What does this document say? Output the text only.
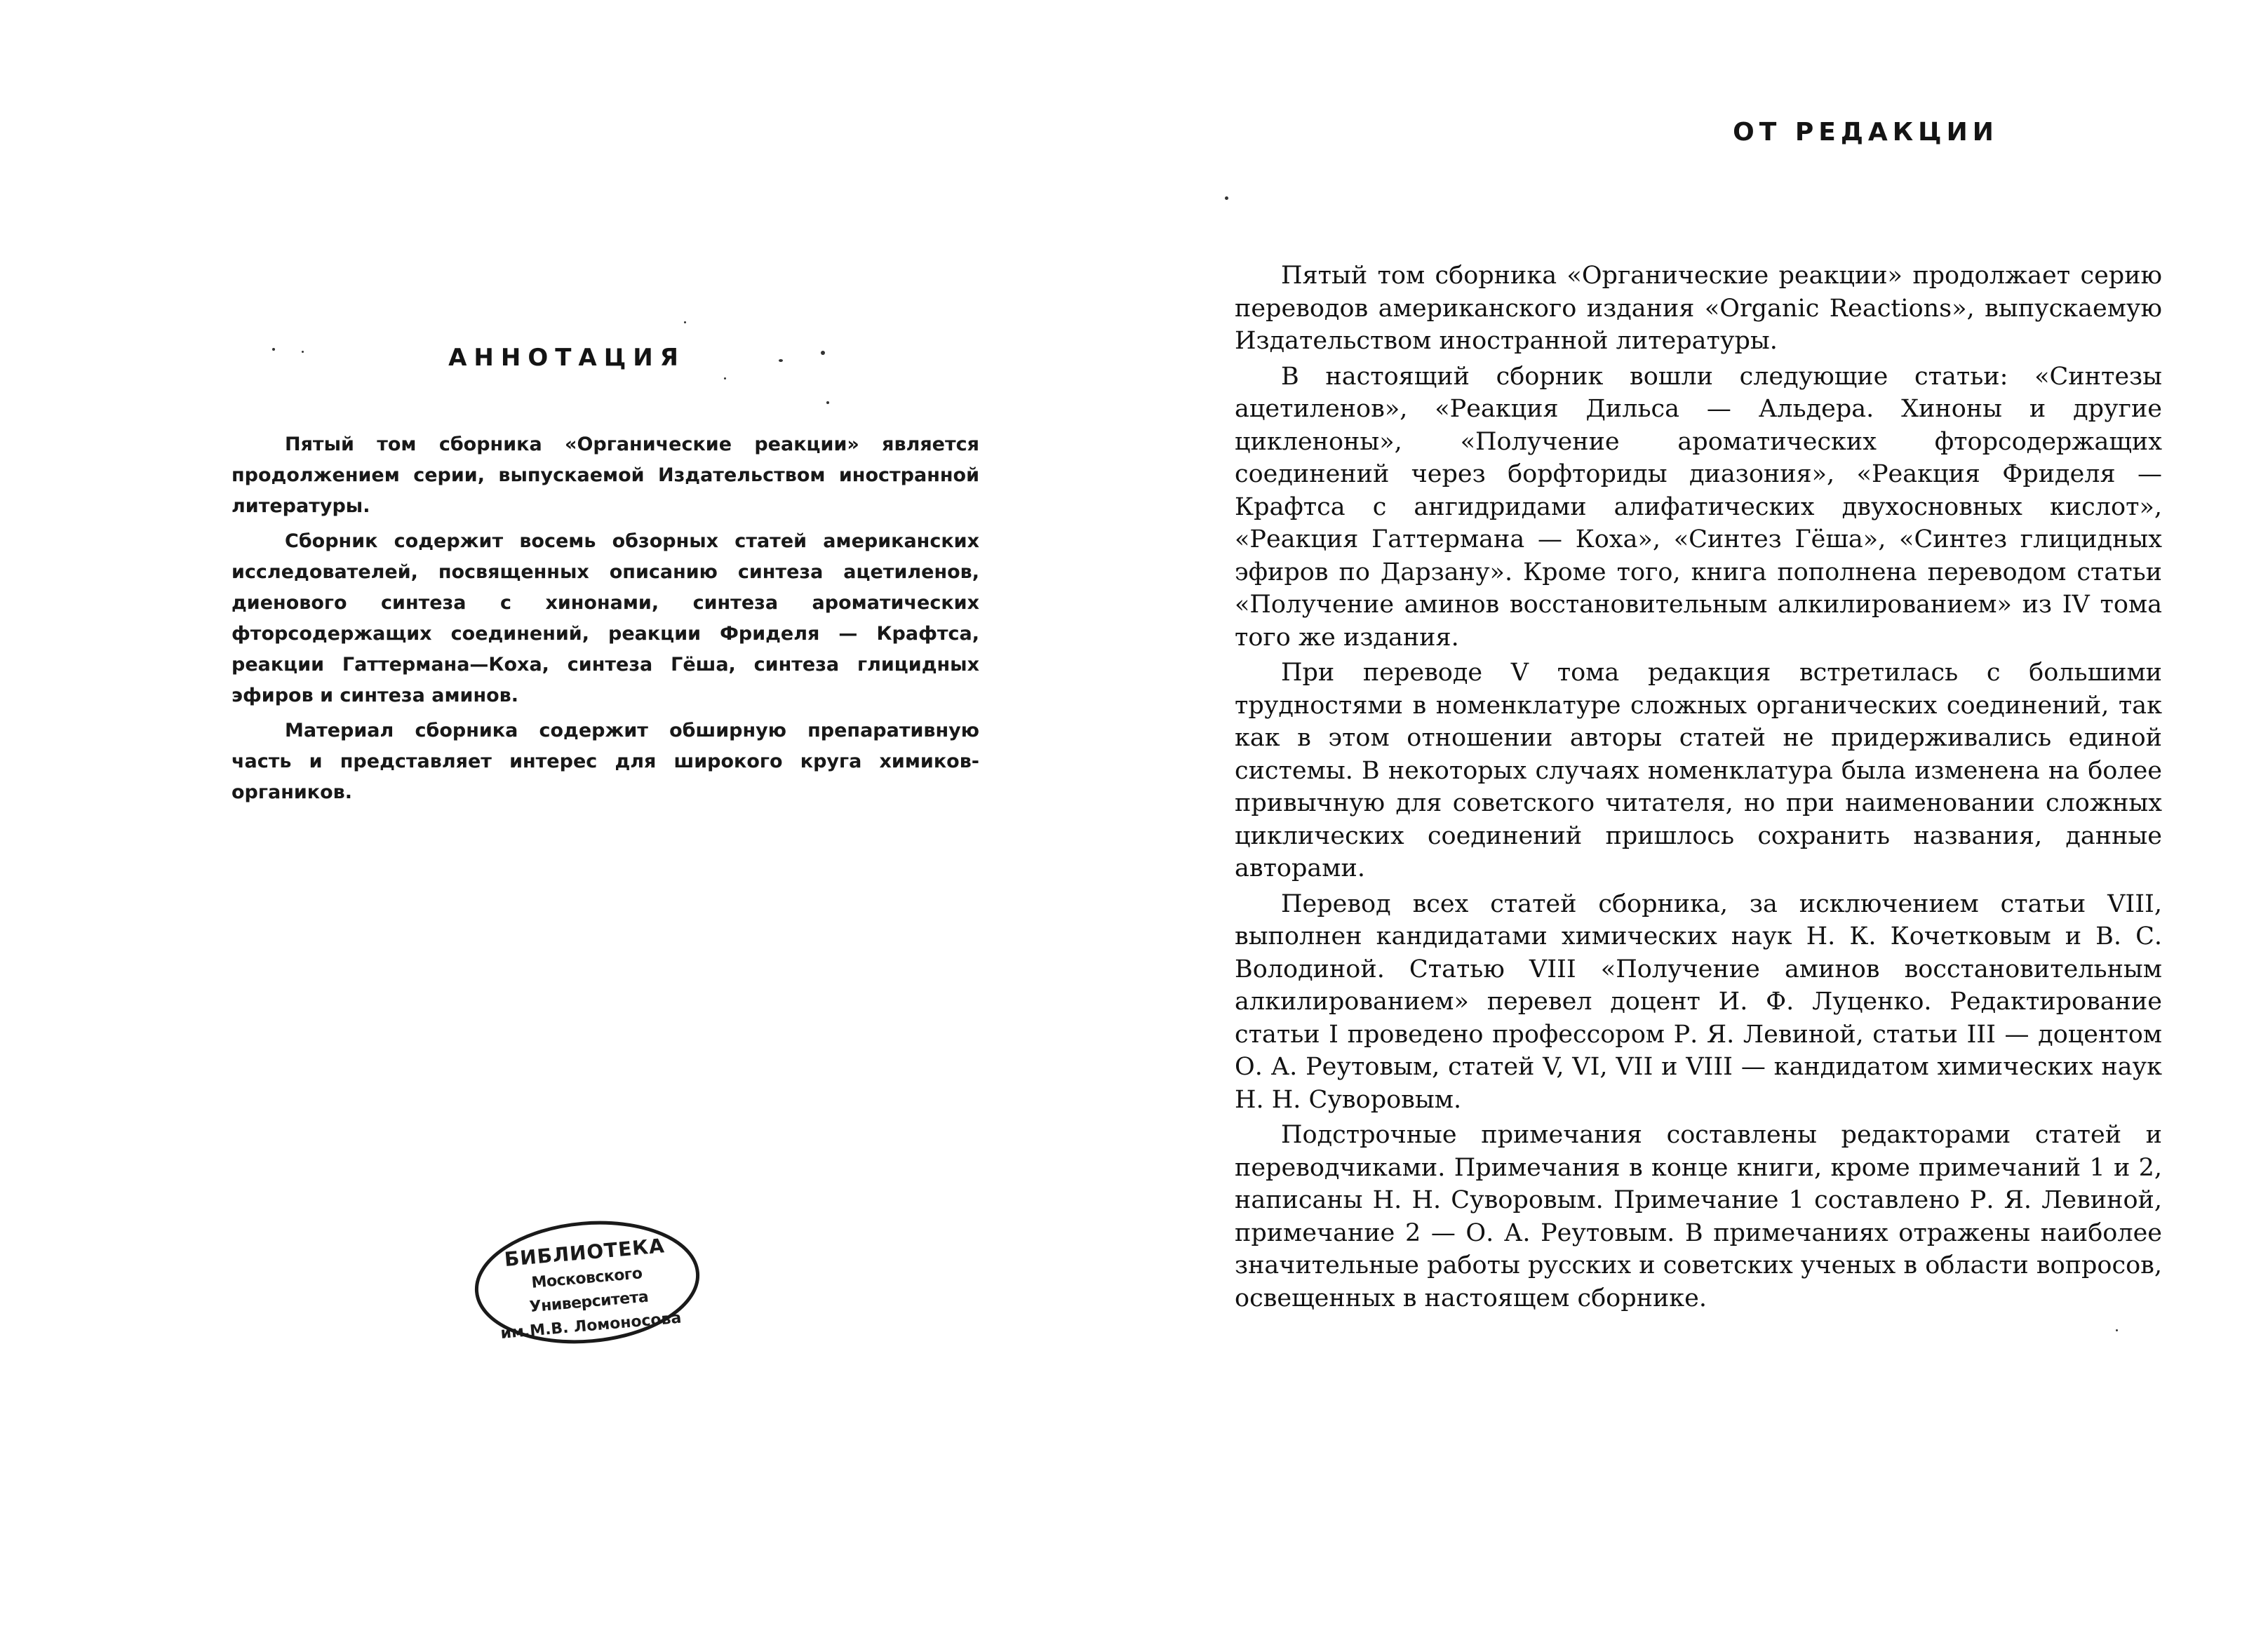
АННОТАЦИЯ

Пятый том сборника «Органические реакции» является продолжением серии, выпускаемой Издательством иностранной литературы.

Сборник содержит восемь обзорных статей американских исследователей, посвященных описанию синтеза ацетиленов, диенового синтеза с хинонами, синтеза ароматических фторсодержащих соединений, реакции Фриделя — Крафтса, реакции Гаттермана—Коха, синтеза Гёша, синтеза глицидных эфиров и синтеза аминов.

Материал сборника содержит обширную препаративную часть и представляет интерес для широкого круга химиков-органиков.

БИБЛИОТЕКА
Московского Университета
им.М.В. Ломоносова
ОТ РЕДАКЦИИ

Пятый том сборника «Органические реакции» продолжает серию переводов американского издания «Organic Reactions», выпускаемую Издательством иностранной литературы.

В настоящий сборник вошли следующие статьи: «Синтезы ацетиленов», «Реакция Дильса — Альдера. Хиноны и другие цикленоны», «Получение ароматических фторсодержащих соединений через борфториды диазония», «Реакция Фриделя — Крафтса с ангидридами алифатических двухосновных кислот», «Реакция Гаттермана — Коха», «Синтез Гёша», «Синтез глицидных эфиров по Дарзану». Кроме того, книга пополнена переводом статьи «Получение аминов восстановительным алкилированием» из IV тома того же издания.

При переводе V тома редакция встретилась с большими трудностями в номенклатуре сложных органических соединений, так как в этом отношении авторы статей не придерживались единой системы. В некоторых случаях номенклатура была изменена на более привычную для советского читателя, но при наименовании сложных циклических соединений пришлось сохранить названия, данные авторами.

Перевод всех статей сборника, за исключением статьи VIII, выполнен кандидатами химических наук Н. К. Кочетковым и В. С. Володиной. Статью VIII «Получение аминов восстановительным алкилированием» перевел доцент И. Ф. Луценко. Редактирование статьи I проведено профессором Р. Я. Левиной, статьи III — доцентом О. А. Реутовым, статей V, VI, VII и VIII — кандидатом химических наук Н. Н. Суворовым.

Подстрочные примечания составлены редакторами статей и переводчиками. Примечания в конце книги, кроме примечаний 1 и 2, написаны Н. Н. Суворовым. Примечание 1 составлено Р. Я. Левиной, примечание 2 — О. А. Реутовым. В примечаниях отражены наиболее значительные работы русских и советских ученых в области вопросов, освещенных в настоящем сборнике.
